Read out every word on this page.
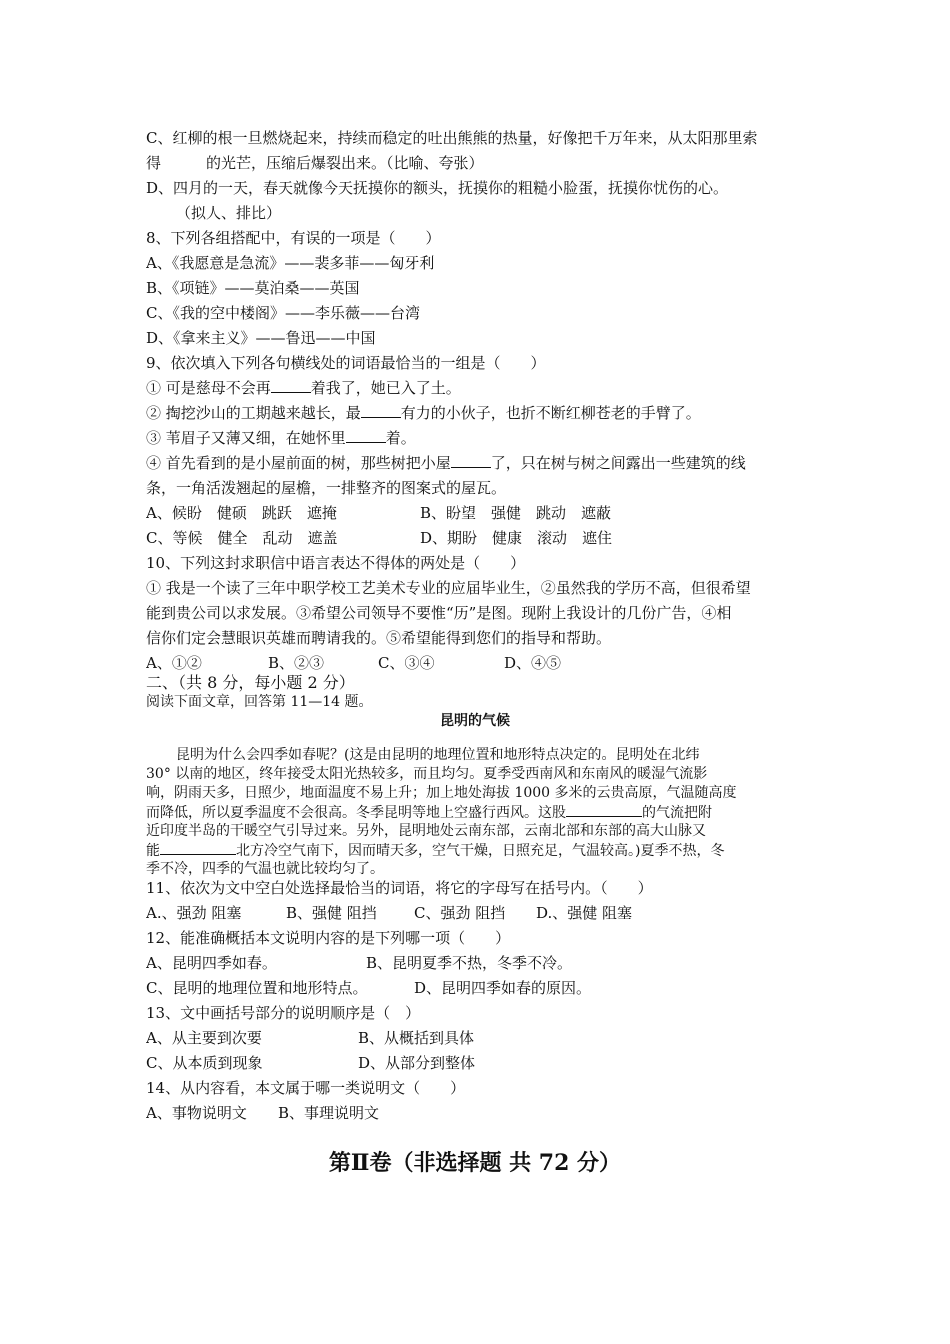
C、红柳的根一旦燃烧起来，持续而稳定的吐出熊熊的热量，好像把千万年来，从太阳那里索
得　　　的光芒，压缩后爆裂出来。（比喻、夸张）
D、四月的一天，春天就像今天抚摸你的额头，抚摸你的粗糙小脸蛋，抚摸你忧伤的心。
（拟人、排比）
8、下列各组搭配中，有误的一项是（　　）
A、《我愿意是急流》——裴多菲——匈牙利
B、《项链》——莫泊桑——英国
C、《我的空中楼阁》——李乐薇——台湾
D、《拿来主义》——鲁迅——中国
9、依次填入下列各句横线处的词语最恰当的一组是（　　）
① 可是慈母不会再	着我了，她已入了土。
② 掏挖沙山的工期越来越长，最	有力的小伙子，也折不断红柳苍老的手臂了。
③ 苇眉子又薄又细，在她怀里	着。
④ 首先看到的是小屋前面的树，那些树把小屋	了，只在树与树之间露出一些建筑的线
条，一角活泼翘起的屋檐，一排整齐的图案式的屋瓦。
A、候盼　健硕　跳跃　遮掩	B、盼望　强健　跳动　遮蔽
C、等候　健全　乱动　遮盖	D、期盼　健康　滚动　遮住
10、下列这封求职信中语言表达不得体的两处是（　　）
① 我是一个读了三年中职学校工艺美术专业的应届毕业生，②虽然我的学历不高，但很希望
能到贵公司以求发展。③希望公司领导不要惟“历”是图。现附上我设计的几份广告，④相
信你们定会慧眼识英雄而聘请我的。⑤希望能得到您们的指导和帮助。
A、①②	B、②③	C、③④	D、④⑤
二、（共 8 分，每小题 2 分）
阅读下面文章，回答第 11—14 题。
昆明的气候
昆明为什么会四季如春呢？(这是由昆明的地理位置和地形特点决定的。昆明处在北纬
30° 以南的地区，终年接受太阳光热较多，而且均匀。夏季受西南风和东南风的暖湿气流影
响，阴雨天多，日照少，地面温度不易上升；加上地处海拔 1000 多米的云贵高原，气温随高度
而降低，所以夏季温度不会很高。冬季昆明等地上空盛行西风。这股	的气流把附
近印度半岛的干暖空气引导过来。另外，昆明地处云南东部，云南北部和东部的高大山脉又
能	北方冷空气南下，因而晴天多，空气干燥，日照充足，气温较高。)夏季不热，冬
季不冷，四季的气温也就比较均匀了。
11、依次为文中空白处选择最恰当的词语，将它的字母写在括号内。（　　）
A.、强劲 阻塞	B、强健 阻挡 C、强劲 阻挡 D.、强健 阻塞
12、能准确概括本文说明内容的是下列哪一项（　　）
A、昆明四季如春。	B、昆明夏季不热，冬季不冷。
C、昆明的地理位置和地形特点。	D、昆明四季如春的原因。
13、文中画括号部分的说明顺序是（　）
A、从主要到次要	B、从概括到具体
C、从本质到现象	D、从部分到整体
14、从内容看，本文属于哪一类说明文（　　）
A、事物说明文 B、事理说明文
第Ⅱ卷（非选择题 共 72 分）
